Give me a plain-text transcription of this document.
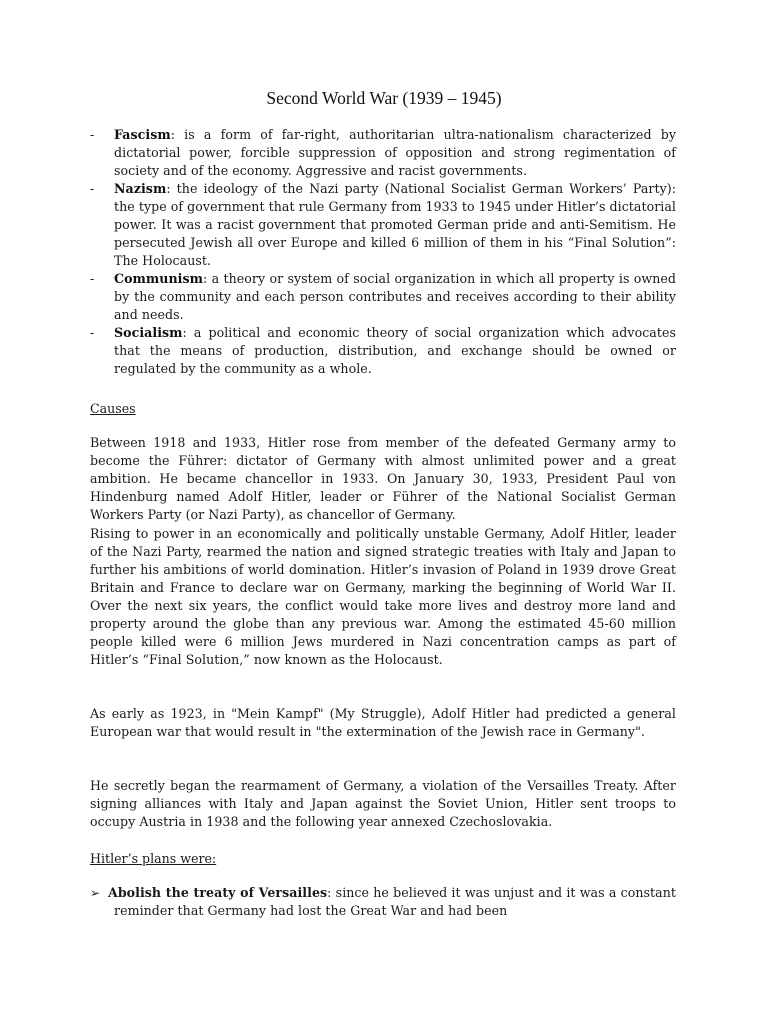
Second World War (1939 – 1945)
- Fascism: is a form of far-right, authoritarian ultra-nationalism characterized by dictatorial power, forcible suppression of opposition and strong regimentation of society and of the economy. Aggressive and racist governments.
- Nazism: the ideology of the Nazi party (National Socialist German Workers’ Party): the type of government that rule Germany from 1933 to 1945 under Hitler’s dictatorial power. It was a racist government that promoted German pride and anti-Semitism. He persecuted Jewish all over Europe and killed 6 million of them in his “Final Solution”: The Holocaust.
- Communism: a theory or system of social organization in which all property is owned by the community and each person contributes and receives according to their ability and needs.
- Socialism: a political and economic theory of social organization which advocates that the means of production, distribution, and exchange should be owned or regulated by the community as a whole.
Causes
Between 1918 and 1933, Hitler rose from member of the defeated Germany army to become the Führer: dictator of Germany with almost unlimited power and a great ambition. He became chancellor in 1933. On January 30, 1933, President Paul von Hindenburg named Adolf Hitler, leader or Führer of the National Socialist German Workers Party (or Nazi Party), as chancellor of Germany.
Rising to power in an economically and politically unstable Germany, Adolf Hitler, leader of the Nazi Party, rearmed the nation and signed strategic treaties with Italy and Japan to further his ambitions of world domination. Hitler’s invasion of Poland in 1939 drove Great Britain and France to declare war on Germany, marking the beginning of World War II. Over the next six years, the conflict would take more lives and destroy more land and property around the globe than any previous war. Among the estimated 45-60 million people killed were 6 million Jews murdered in Nazi concentration camps as part of Hitler’s “Final Solution,” now known as the Holocaust.
As early as 1923, in "Mein Kampf" (My Struggle), Adolf Hitler had predicted a general European war that would result in "the extermination of the Jewish race in Germany".
He secretly began the rearmament of Germany, a violation of the Versailles Treaty. After signing alliances with Italy and Japan against the Soviet Union, Hitler sent troops to occupy Austria in 1938 and the following year annexed Czechoslovakia.
Hitler’s plans were:
➢ Abolish the treaty of Versailles: since he believed it was unjust and it was a constant reminder that Germany had lost the Great War and had been
